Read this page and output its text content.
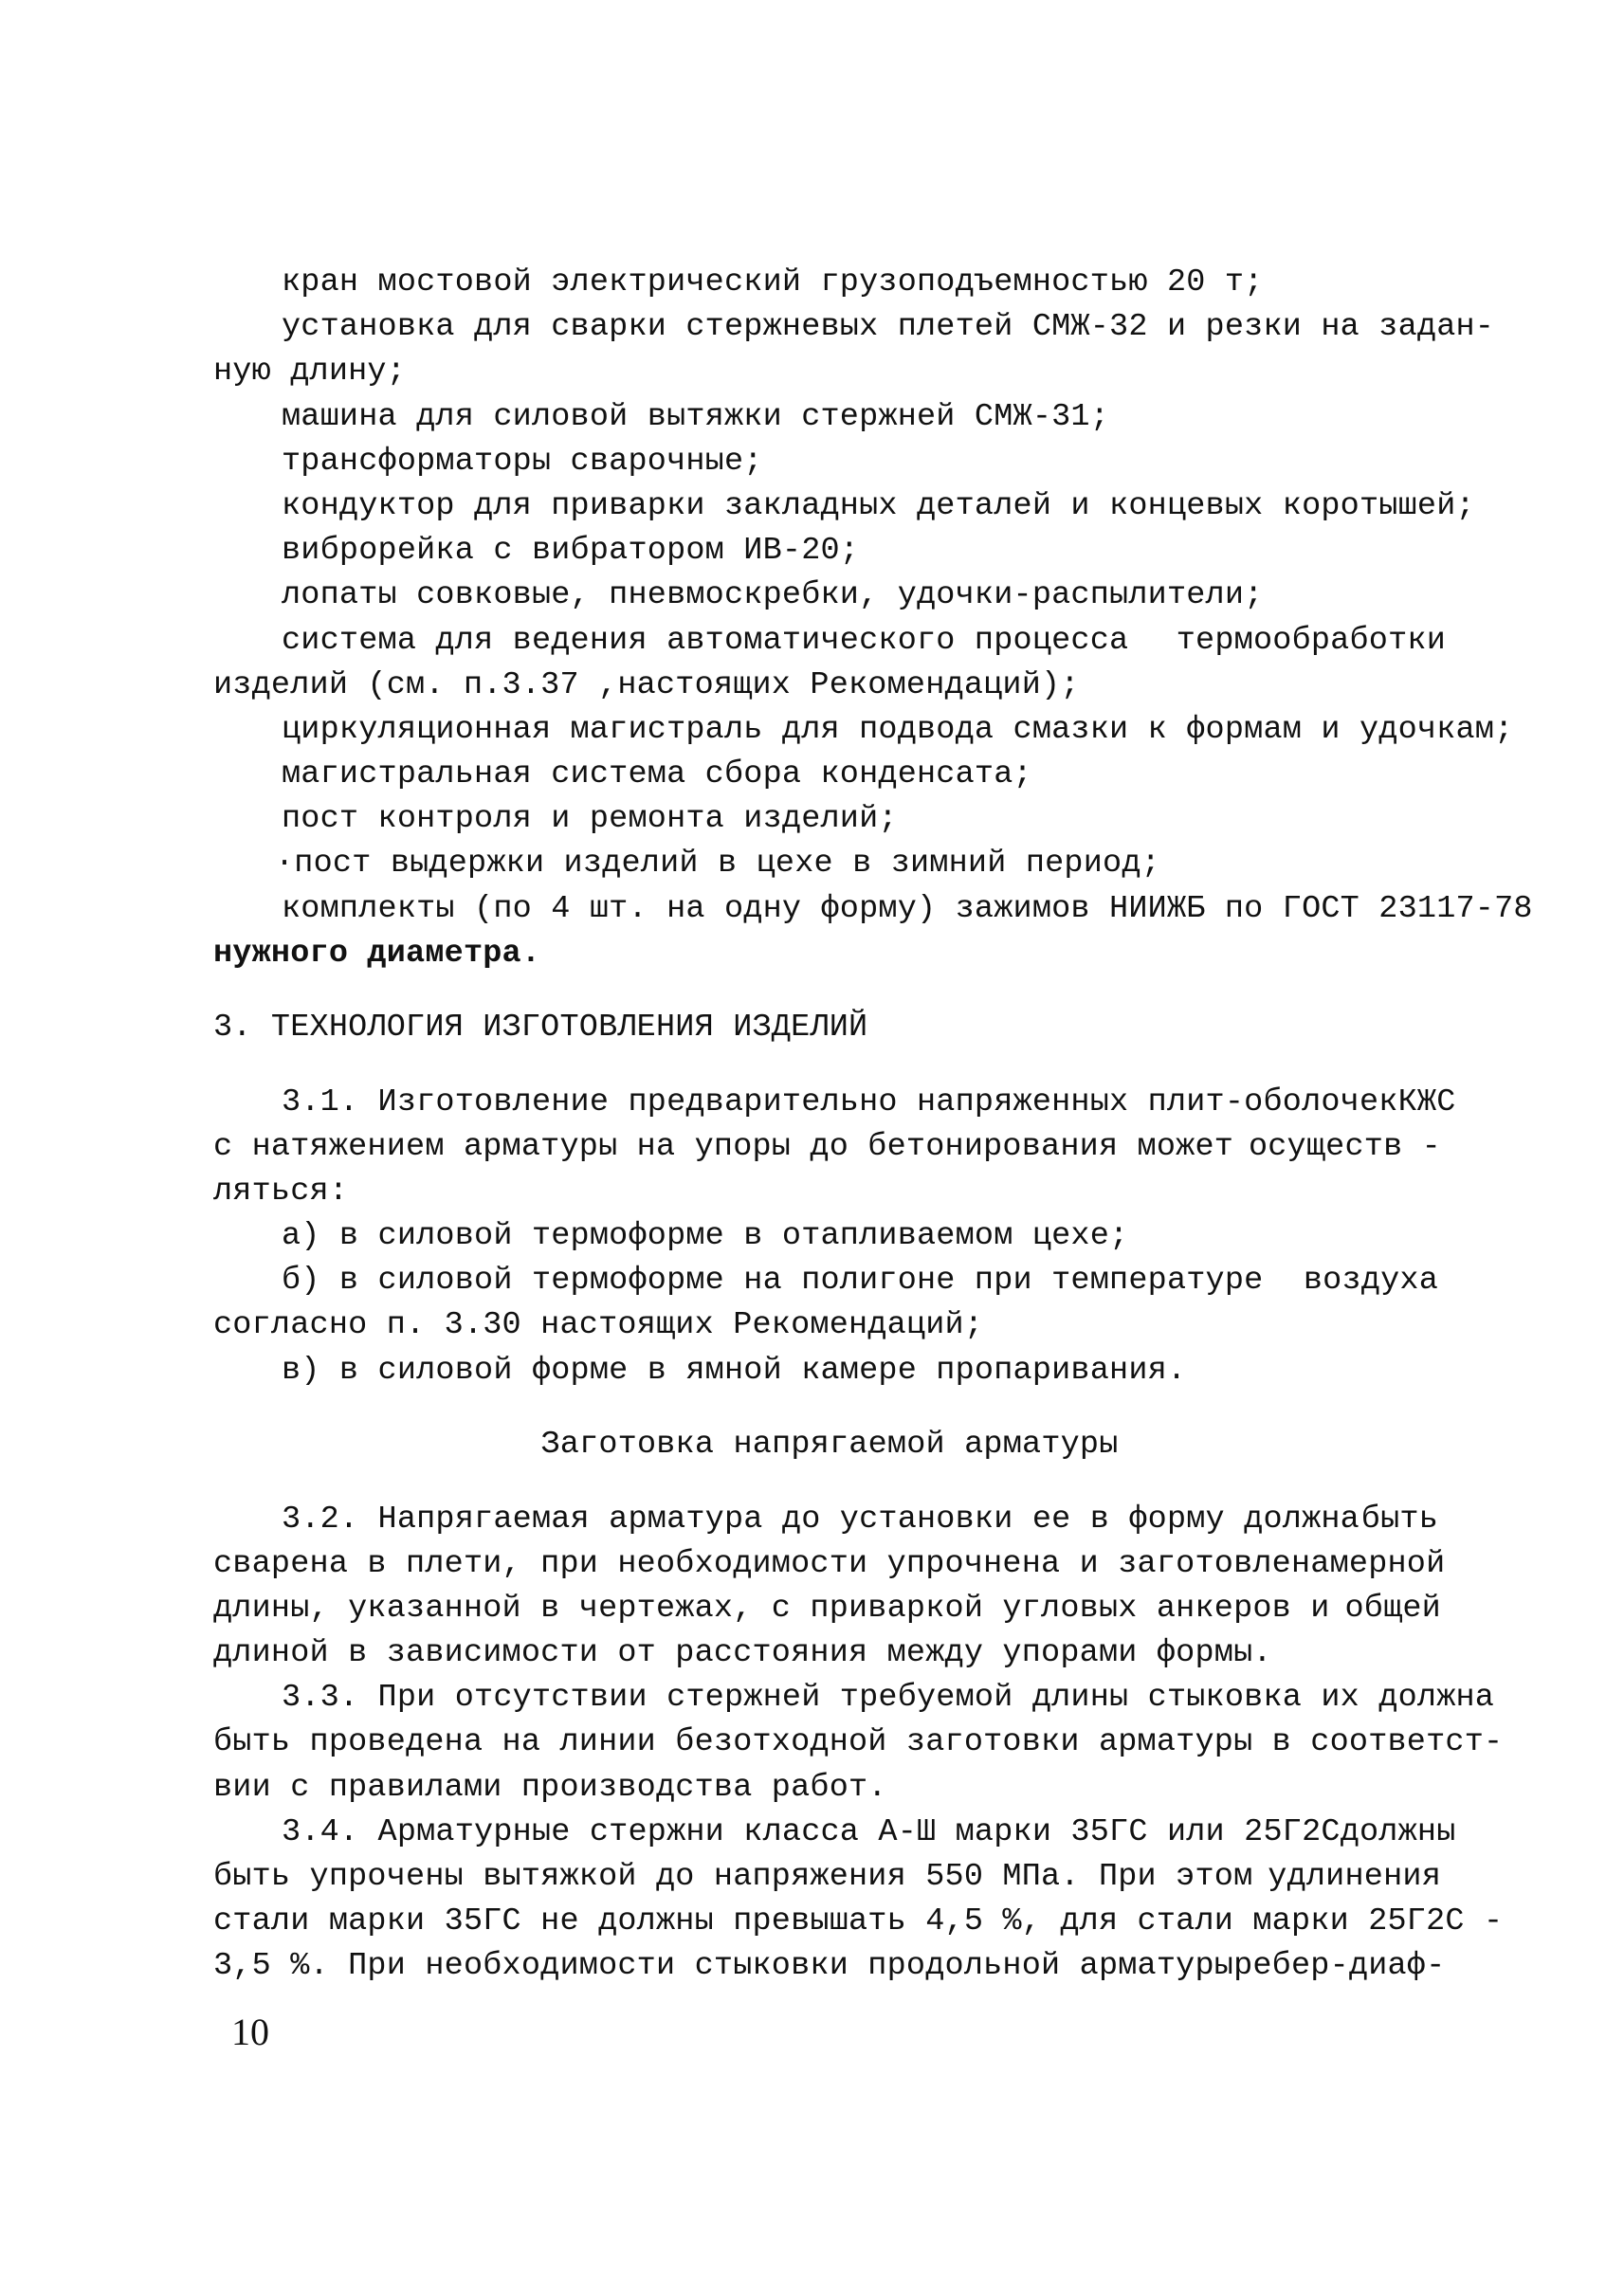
кран мостовой электрический грузоподъемностью 20 т;
установка для сварки стержневых плетей СМЖ-32 и резки на задан-
ную длину;
машина для силовой вытяжки стержней СМЖ-31;
трансформаторы сварочные;
кондуктор для приварки закладных деталей и концевых коротышей;
виброрейка с вибратором ИВ-20;
лопаты совковые, пневмоскребки, удочки-распылители;
система для ведения автоматического процесса термообработки
изделий (см. п.3.37 ,настоящих Рекомендаций);
циркуляционная магистраль для подвода смазки к формам и удочкам;
магистральная система сбора конденсата;
пост контроля и ремонта изделий;
·пост выдержки изделий в цехе в зимний период;
комплекты (по 4 шт. на одну форму) зажимов НИИЖБ по ГОСТ 23117-78
нужного диаметра.
3. ТЕХНОЛОГИЯ ИЗГОТОВЛЕНИЯ ИЗДЕЛИЙ
3.1. Изготовление предварительно напряженных плит-оболочек КЖС
с натяжением арматуры на упоры до бетонирования может осуществ -
ляться:
а) в силовой термоформе в отапливаемом цехе;
б) в силовой термоформе на полигоне при температуре воздуха
согласно п. 3.30 настоящих Рекомендаций;
в) в силовой форме в ямной камере пропаривания.
Заготовка напрягаемой арматуры
3.2. Напрягаемая арматура до установки ее в форму должна быть
сварена в плети, при необходимости упрочнена и заготовлена мерной
длины, указанной в чертежах, с приваркой угловых анкеров и общей
длиной в зависимости от расстояния между упорами формы.
3.3. При отсутствии стержней требуемой длины стыковка их должна
быть проведена на линии безотходной заготовки арматуры в соответст-
вии с правилами производства работ.
3.4. Арматурные стержни класса А-Ш марки 35ГС или 25Г2С должны
быть упрочены вытяжкой до напряжения 550 МПа. При этом удлинения
стали марки 35ГС не должны превышать 4,5 %, для стали марки 25Г2С -
3,5 %. При необходимости стыковки продольной арматуры ребер-диаф-
10
